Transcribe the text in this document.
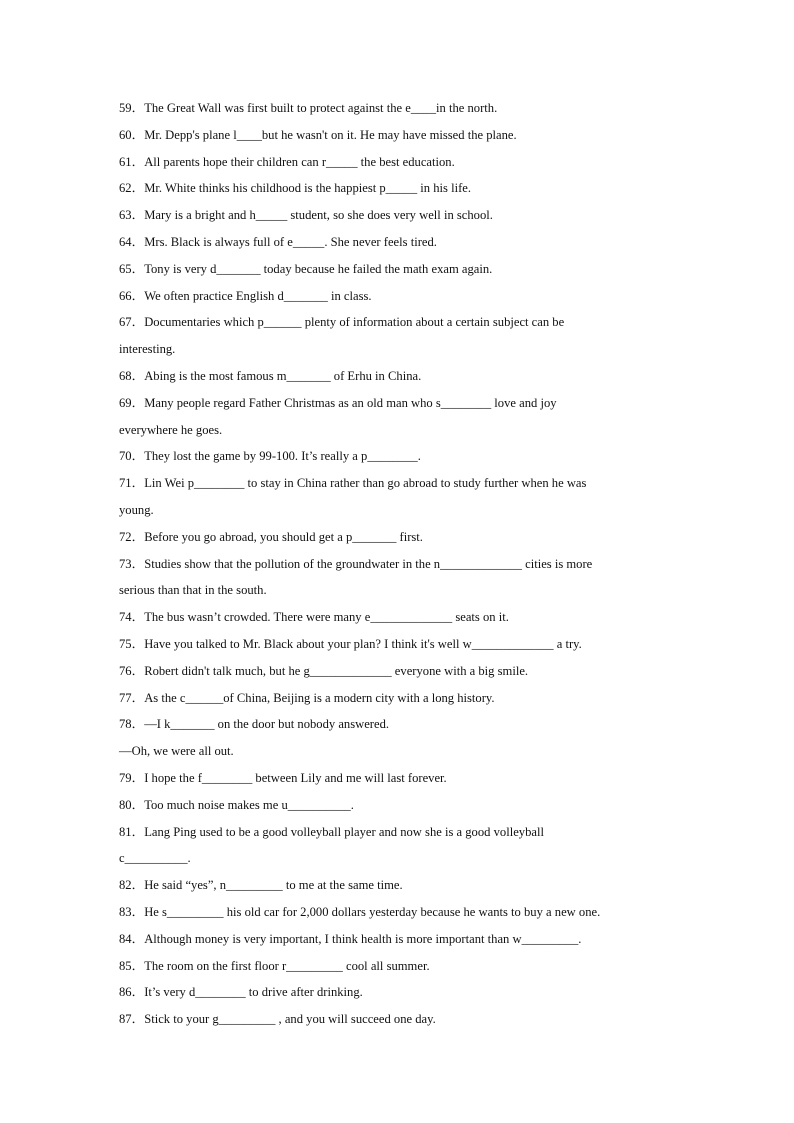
59．The Great Wall was first built to protect against the e____in the north.
60．Mr. Depp's plane l____but he wasn't on it. He may have missed the plane.
61．All parents hope their children can r_____ the best education.
62．Mr. White thinks his childhood is the happiest p_____ in his life.
63．Mary is a bright and h_____ student, so she does very well in school.
64．Mrs. Black is always full of e_____. She never feels tired.
65．Tony is very d_______ today because he failed the math exam again.
66．We often practice English d_______ in class.
67．Documentaries which p______ plenty of information about a certain subject can be
interesting.
68．Abing is the most famous m_______ of Erhu in China.
69．Many people regard Father Christmas as an old man who s________ love and joy
everywhere he goes.
70．They lost the game by 99-100. It’s really a p________.
71．Lin Wei p________ to stay in China rather than go abroad to study further when he was
young.
72．Before you go abroad, you should get a p_______ first.
73．Studies show that the pollution of the groundwater in the n_____________ cities is more
serious than that in the south.
74．The bus wasn’t crowded. There were many e_____________ seats on it.
75．Have you talked to Mr. Black about your plan? I think it's well w_____________ a try.
76．Robert didn't talk much, but he g_____________ everyone with a big smile.
77．As the c______of China, Beijing is a modern city with a long history.
78．—I k_______ on the door but nobody answered.
—Oh, we were all out.
79．I hope the f________ between Lily and me will last forever.
80．Too much noise makes me u__________.
81．Lang Ping used to be a good volleyball player and now she is a good volleyball
c__________.
82．He said “yes”, n_________ to me at the same time.
83．He s_________ his old car for 2,000 dollars yesterday because he wants to buy a new one.
84．Although money is very important, I think health is more important than w_________.
85．The room on the first floor r_________ cool all summer.
86．It’s very d________ to drive after drinking.
87．Stick to your g_________ , and you will succeed one day.
